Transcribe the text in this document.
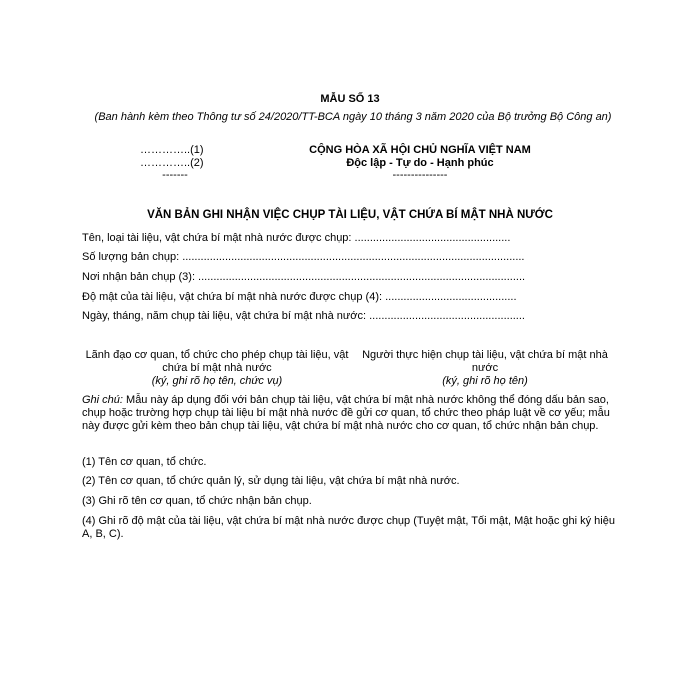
MẪU SỐ 13
(Ban hành kèm theo Thông tư số 24/2020/TT-BCA ngày 10 tháng 3 năm 2020 của Bộ trưởng Bộ Công an)
…………..(1)
…………..(2)
-------
CỘNG HÒA XÃ HỘI CHỦ NGHĨA VIỆT NAM
Độc lập - Tự do - Hạnh phúc
---------------
VĂN BẢN GHI NHẬN VIỆC CHỤP TÀI LIỆU, VẬT CHỨA BÍ MẬT NHÀ NƯỚC
Tên, loại tài liệu, vật chứa bí mật nhà nước được chụp: ...................................................
Số lượng bản chụp: ................................................................................................................
Nơi nhận bản chụp (3): ...........................................................................................................
Độ mật của tài liệu, vật chứa bí mật nhà nước được chụp (4): ...........................................
Ngày, tháng, năm chụp tài liệu, vật chứa bí mật nhà nước: ...................................................
Lãnh đạo cơ quan, tổ chức cho phép chụp tài liệu, vật chứa bí mật nhà nước
(ký, ghi rõ họ tên, chức vụ)
Người thực hiện chụp tài liệu, vật chứa bí mật nhà nước
(ký, ghi rõ họ tên)
Ghi chú: Mẫu này áp dụng đối với bản chụp tài liệu, vật chứa bí mật nhà nước không thể đóng dấu bản sao, chụp hoặc trường hợp chụp tài liệu bí mật nhà nước đề gửi cơ quan, tổ chức theo pháp luật về cơ yếu; mẫu này được gửi kèm theo bản chụp tài liệu, vật chứa bí mật nhà nước cho cơ quan, tổ chức nhận bản chụp.
(1) Tên cơ quan, tổ chức.
(2) Tên cơ quan, tổ chức quản lý, sử dụng tài liệu, vật chứa bí mật nhà nước.
(3) Ghi rõ tên cơ quan, tổ chức nhận bản chụp.
(4) Ghi rõ độ mật của tài liệu, vật chứa bí mật nhà nước được chụp (Tuyệt mật, Tối mật, Mật hoặc ghi ký hiệu A, B, C).
